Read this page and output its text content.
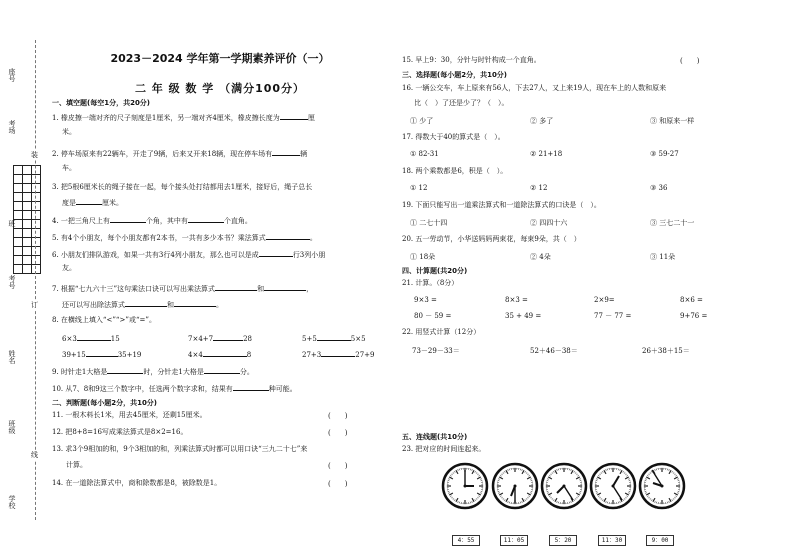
座号
考场
班
考号
姓名
班级
学校
装
订
线
2023－2024 学年第一学期素养评价（一）
二 年 级 数 学 （满分100分）
一、填空题(每空1分，共20分)
1. 橡皮擦一端对齐的尺子刻度是1厘米，另一端对齐4厘米，橡皮擦长度为	厘
米。
2. 停车场原来有22辆车，开走了9辆，后来又开来18辆，现在停车场有	辆
车。
3. 把5根6厘米长的绳子接在一起，每个接头处打结都用去1厘米，接好后，绳子总长
度是	厘米。
4. 一把三角尺上有	个角，其中有	个直角。
5. 有4个小朋友，每个小朋友都有2本书，一共有多少本书？乘法算式	。
6. 小朋友们排队游戏，如果一共有3行4列小朋友，那么也可以是成	行3列小朋
友。
7. 根据“七九六十三”这句乘法口诀可以写出乘法算式	和	，
还可以写出除法算式	和	。
8. 在横线上填入“<”“>”或“=”。
6×3	15	7×4+7	28	5+5	5×5
39+15	35+19	4×4	8	27+3	27+9
9. 时针走1大格是	时，分针走1大格是	分。
10. 从7、8和9这三个数字中，任选两个数字求和，结果有	种可能。
二、判断题(每小题2分，共10分)
11. 一根木料长1米，用去45厘米，还剩15厘米。	(　　)
12. 把8+8=16写成乘法算式是8×2=16。	(　　)
13. 求3个9相加的和，9个3相加的和，列乘法算式时都可以用口诀“三九二十七”来
计算。	(　　)
14. 在一道除法算式中，商和除数都是8，被除数是1。	(　　)
15. 早上9：30，分针与时针构成一个直角。	(　　)
三、选择题(每小题2分，共10分)
16. 一辆公交车，车上原来有56人，下去27人，又上来19人，现在车上的人数和原来
比（　）了还是少了？（　）。
① 少了	② 多了	③ 和原来一样
17. 得数大于40的算式是（　）。
① 82-31	② 21+18	③ 59-27
18. 两个乘数都是6，积是（　）。
① 12	② 12	③ 36
19. 下面只能写出一道乘法算式和一道除法算式的口诀是（　）。
① 二七十四	② 四四十六	③ 三七二十一
20. 五一劳动节，小华送妈妈两束花，每束9朵，共（　）
① 18朵	② 4朵	③ 11朵
四、计算题(共20分)
21. 计算。（8分）
9×3 =	8×3 =	2×9=	8×6 =
80 － 59 =	35 + 49 =	77 － 77 =	9+76 =
22. 用竖式计算（12分）
73－29－33＝	52＋46－38＝	26＋38＋15＝
五、连线题(共10分)
23. 把对应的时间连起来。
4：55	11：05	5：20	11：30	9：00
